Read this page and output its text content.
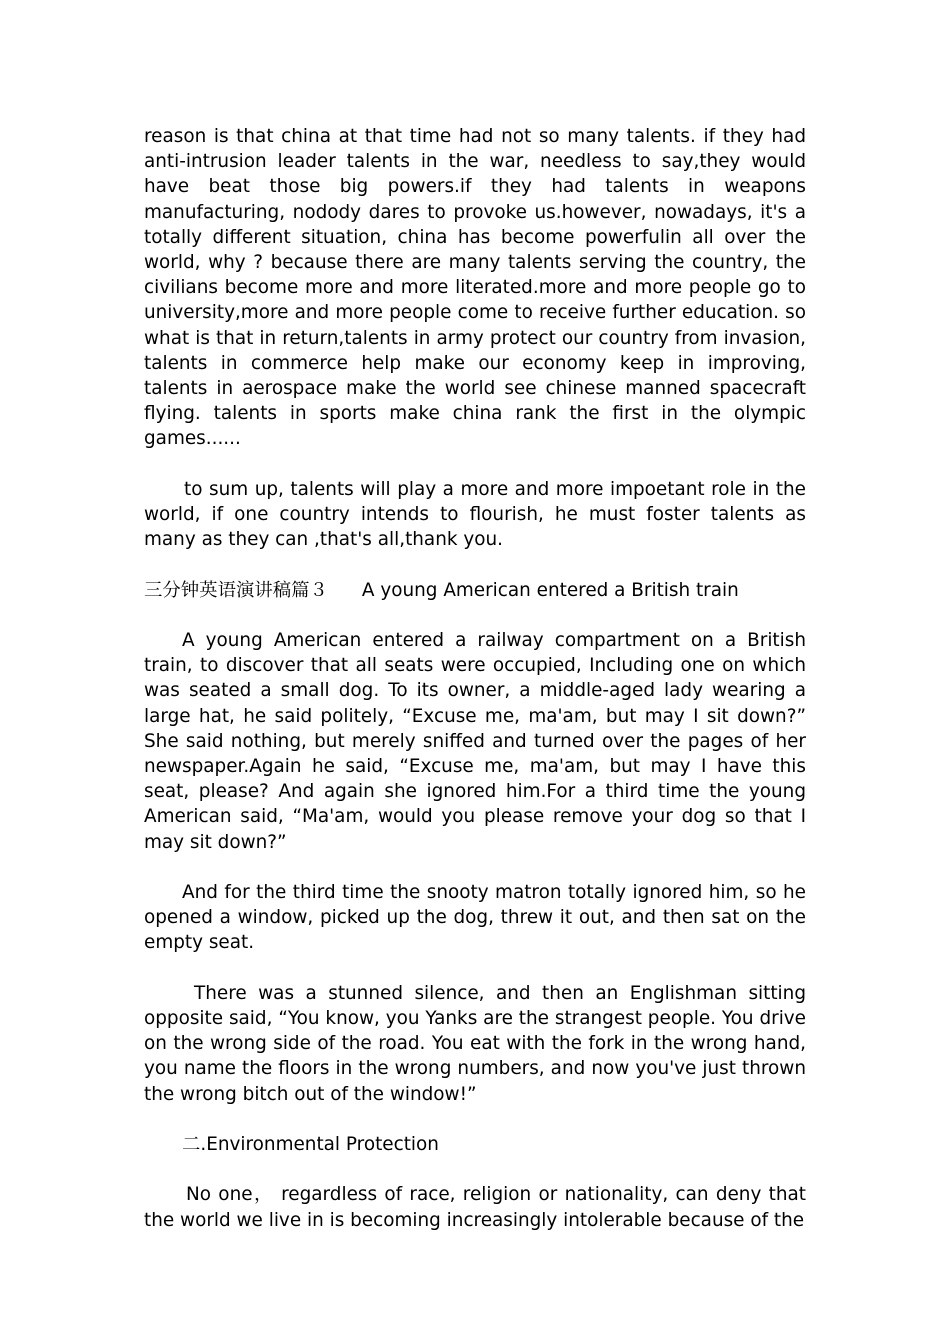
reason is that china at that time had not so many talents. if they had anti-intrusion leader talents in the war, needless to say,they would have beat those big powers.if they had talents in weapons manufacturing, nodody dares to provoke us.however, nowadays, it's a totally different situation, china has become powerfulin all over the world, why ? because there are many talents serving the country, the civilians become more and more literated.more and more people go to university,more and more people come to receive further education. so what is that in return,talents in army protect our country from invasion, talents in commerce help make our economy keep in improving, talents in aerospace make the world see chinese manned spacecraft flying. talents in sports make china rank the first in the olympic games......

to sum up, talents will play a more and more impoetant role in the world, if one country intends to flourish, he must foster talents as many as they can ,that's all,thank you.

三分钟英语演讲稿篇３ A young American entered a British train

A young American entered a railway compartment on a British train, to discover that all seats were occupied, Including one on which was seated a small dog. To its owner, a middle-aged lady wearing a large hat, he said politely, “Excuse me, ma'am, but may I sit down?” She said nothing, but merely sniffed and turned over the pages of her newspaper.Again he said, “Excuse me, ma'am, but may I have this seat, please? And again she ignored him.For a third time the young American said, “Ma'am, would you please remove your dog so that I may sit down?”

And for the third time the snooty matron totally ignored him, so he opened a window, picked up the dog, threw it out, and then sat on the empty seat.

There was a stunned silence, and then an Englishman sitting opposite said, “You know, you Yanks are the strangest people. You drive on the wrong side of the road. You eat with the fork in the wrong hand, you name the floors in the wrong numbers, and now you've just thrown the wrong bitch out of the window!”

二.Environmental Protection

No one， regardless of race, religion or nationality, can deny that the world we live in is becoming increasingly intolerable because of the
